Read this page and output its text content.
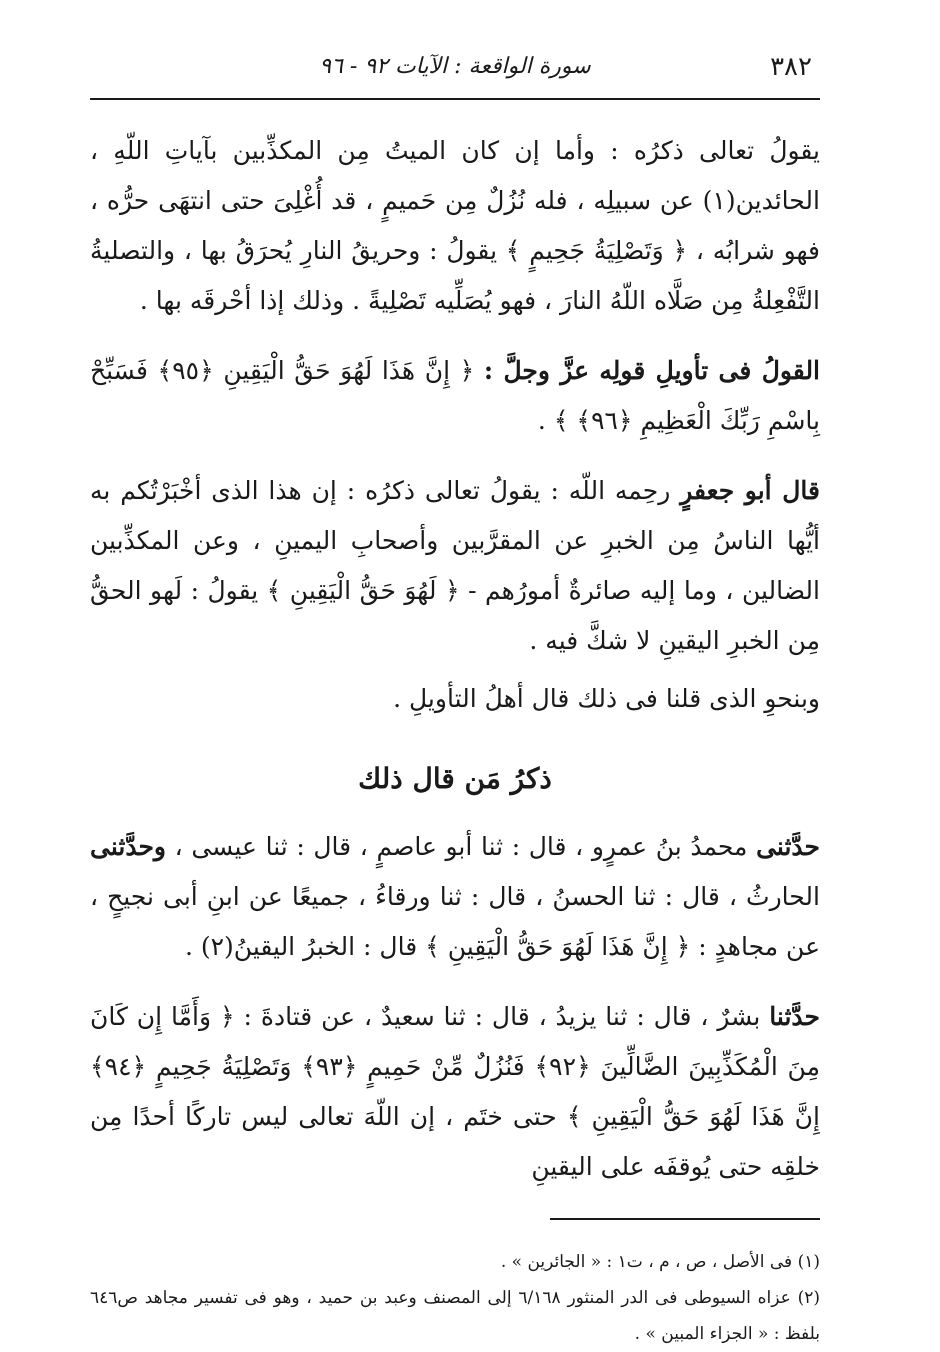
٣٨٢
سورة الواقعة : الآيات ٩٢ - ٩٦

يقولُ تعالى ذكرُه : وأما إن كان الميتُ مِن المكذِّبين بآياتِ اللّهِ ، الحائدين(١) عن سبيلِه ، فله نُزُلٌ مِن حَميمٍ ، قد أُغْلِىَ حتى انتهَى حرُّه ، فهو شرابُه ، ﴿ وَتَصْلِيَةُ جَحِيمٍ ﴾ يقولُ : وحريقُ النارِ يُحرَقُ بها ، والتصليةُ التَّفْعِلةُ مِن صَلَّاه اللّهُ النارَ ، فهو يُصَلِّيه تَصْلِيةً . وذلك إذا أحْرقَه بها .

القولُ فى تأويلِ قولِه عزَّ وجلَّ : ﴿ إِنَّ هَذَا لَهُوَ حَقُّ الْيَقِينِ ﴿٩٥﴾ فَسَبِّحْ بِاسْمِ رَبِّكَ الْعَظِيمِ ﴿٩٦﴾ ﴾ .

قال أبو جعفرٍ رحِمه اللّه : يقولُ تعالى ذكرُه : إن هذا الذى أخْبَرْتُكم به أيُّها الناسُ مِن الخبرِ عن المقرَّبين وأصحابِ اليمينِ ، وعن المكذِّبين الضالين ، وما إليه صائرةٌ أمورُهم - ﴿ لَهُوَ حَقُّ الْيَقِينِ ﴾ يقولُ : لَهو الحقُّ مِن الخبرِ اليقينِ لا شكَّ فيه .

وبنحوِ الذى قلنا فى ذلك قال أهلُ التأويلِ .

ذكرُ مَن قال ذلك

حدَّثنى محمدُ بنُ عمرٍو ، قال : ثنا أبو عاصمٍ ، قال : ثنا عيسى ، وحدَّثنى الحارثُ ، قال : ثنا الحسنُ ، قال : ثنا ورقاءُ ، جميعًا عن ابنِ أبى نجيحٍ ، عن مجاهدٍ : ﴿ إِنَّ هَذَا لَهُوَ حَقُّ الْيَقِينِ ﴾ قال : الخبرُ اليقينُ(٢) .

حدَّثنا بشرٌ ، قال : ثنا يزيدُ ، قال : ثنا سعيدٌ ، عن قتادةَ : ﴿ وَأَمَّا إِن كَانَ مِنَ الْمُكَذِّبِينَ الضَّالِّينَ ﴿٩٢﴾ فَنُزُلٌ مِّنْ حَمِيمٍ ﴿٩٣﴾ وَتَصْلِيَةُ جَحِيمٍ ﴿٩٤﴾ إِنَّ هَذَا لَهُوَ حَقُّ الْيَقِينِ ﴾ حتى ختَم ، إن اللّهَ تعالى ليس تاركًا أحدًا مِن خلقِه حتى يُوقفَه على اليقينِ

(١) فى الأصل ، ص ، م ، ت١ : « الجائرين » .

(٢) عزاه السيوطى فى الدر المنثور ٦/١٦٨ إلى المصنف وعبد بن حميد ، وهو فى تفسير مجاهد ص٦٤٦ بلفظ : « الجزاء المبين » .
